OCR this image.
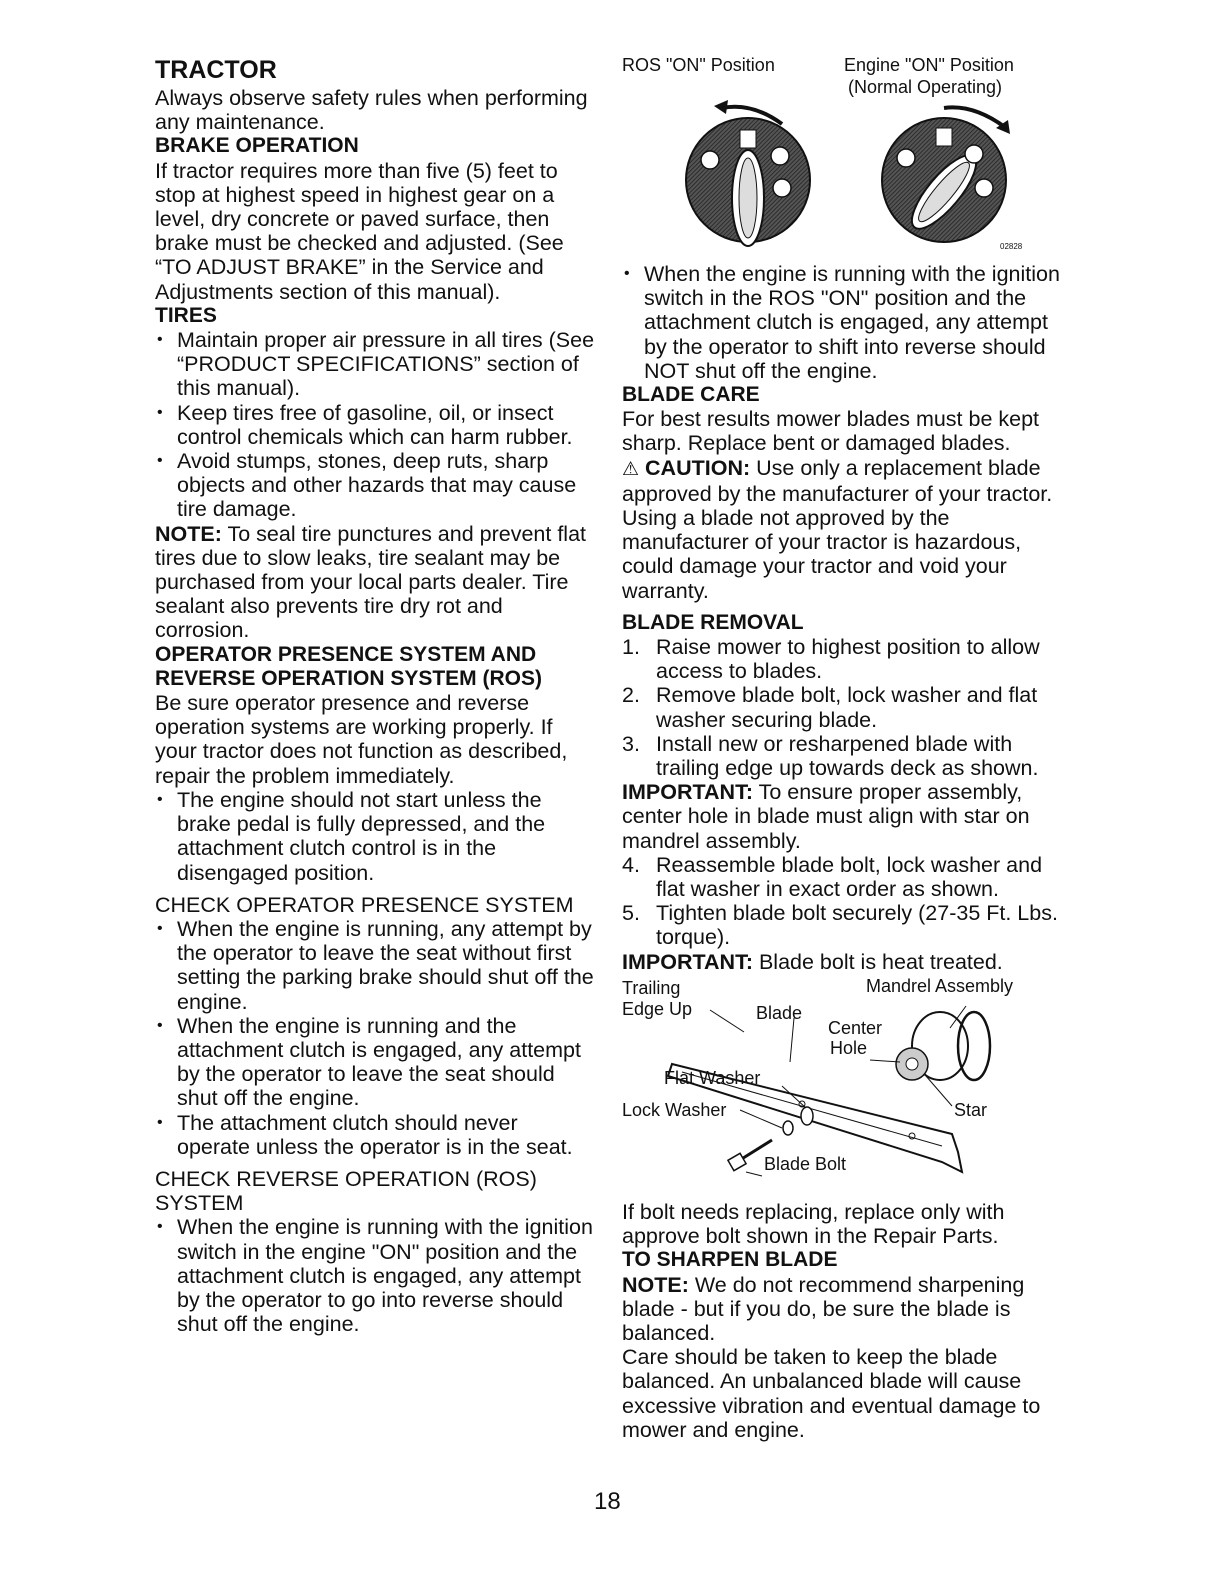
TRACTOR

Always observe safety rules when performing any maintenance.

BRAKE OPERATION

If tractor requires more than five (5) feet to stop at highest speed in highest gear on a level, dry concrete or paved surface, then brake must be checked and adjusted. (See “TO ADJUST BRAKE” in the Service and Adjustments section of this manual).

TIRES
• Maintain proper air pressure in all tires (See “PRODUCT SPECIFICATIONS” section of this manual).
• Keep tires free of gasoline, oil, or insect control chemicals which can harm rubber.
• Avoid stumps, stones, deep ruts, sharp objects and other hazards that may cause tire damage.

NOTE: To seal tire punctures and prevent flat tires due to slow leaks, tire sealant may be purchased from your local parts dealer. Tire sealant also prevents tire dry rot and corrosion.

OPERATOR PRESENCE SYSTEM AND REVERSE OPERATION SYSTEM (ROS)

Be sure operator presence and reverse operation systems are working properly. If your tractor does not function as described, repair the problem immediately.

• The engine should not start unless the brake pedal is fully depressed, and the attachment clutch control is in the disengaged position.

CHECK OPERATOR PRESENCE SYSTEM

• When the engine is running, any attempt by the operator to leave the seat without first setting the parking brake should shut off the engine.
• When the engine is running and the attachment clutch is engaged, any attempt by the operator to leave the seat should shut off the engine.
• The attachment clutch should never operate unless the operator is in the seat.

CHECK REVERSE OPERATION (ROS) SYSTEM

• When the engine is running with the ignition switch in the engine "ON" position and the attachment clutch is engaged, any attempt by the operator to go into reverse should shut off the engine.
ROS "ON" Position	Engine "ON" Position
(Normal Operating)
02828
• When the engine is running with the ignition switch in the ROS "ON" position and the attachment clutch is engaged, any attempt by the operator to shift into reverse should NOT shut off the engine.
BLADE CARE

For best results mower blades must be kept sharp. Replace bent or damaged blades.

⚠ CAUTION: Use only a replacement blade approved by the manufacturer of your tractor. Using a blade not approved by the manufacturer of your tractor is hazardous, could damage your tractor and void your warranty.

BLADE REMOVAL
1. Raise mower to highest position to allow access to blades.
2. Remove blade bolt, lock washer and flat washer securing blade.
3. Install new or resharpened blade with trailing edge up towards deck as shown.

IMPORTANT: To ensure proper assembly, center hole in blade must align with star on mandrel assembly.

4. Reassemble blade bolt, lock washer and flat washer in exact order as shown.
5. Tighten blade bolt securely (27-35 Ft. Lbs. torque).

IMPORTANT: Blade bolt is heat treated.

Trailing
Edge Up	Blade
Mandrel Assembly
Center
Hole
Flat Washer
Lock Washer	Star
Blade Bolt

If bolt needs replacing, replace only with approve bolt shown in the Repair Parts.

TO SHARPEN BLADE

NOTE: We do not recommend sharpening blade - but if you do, be sure the blade is balanced.

Care should be taken to keep the blade balanced. An unbalanced blade will cause excessive vibration and eventual damage to mower and engine.

18
